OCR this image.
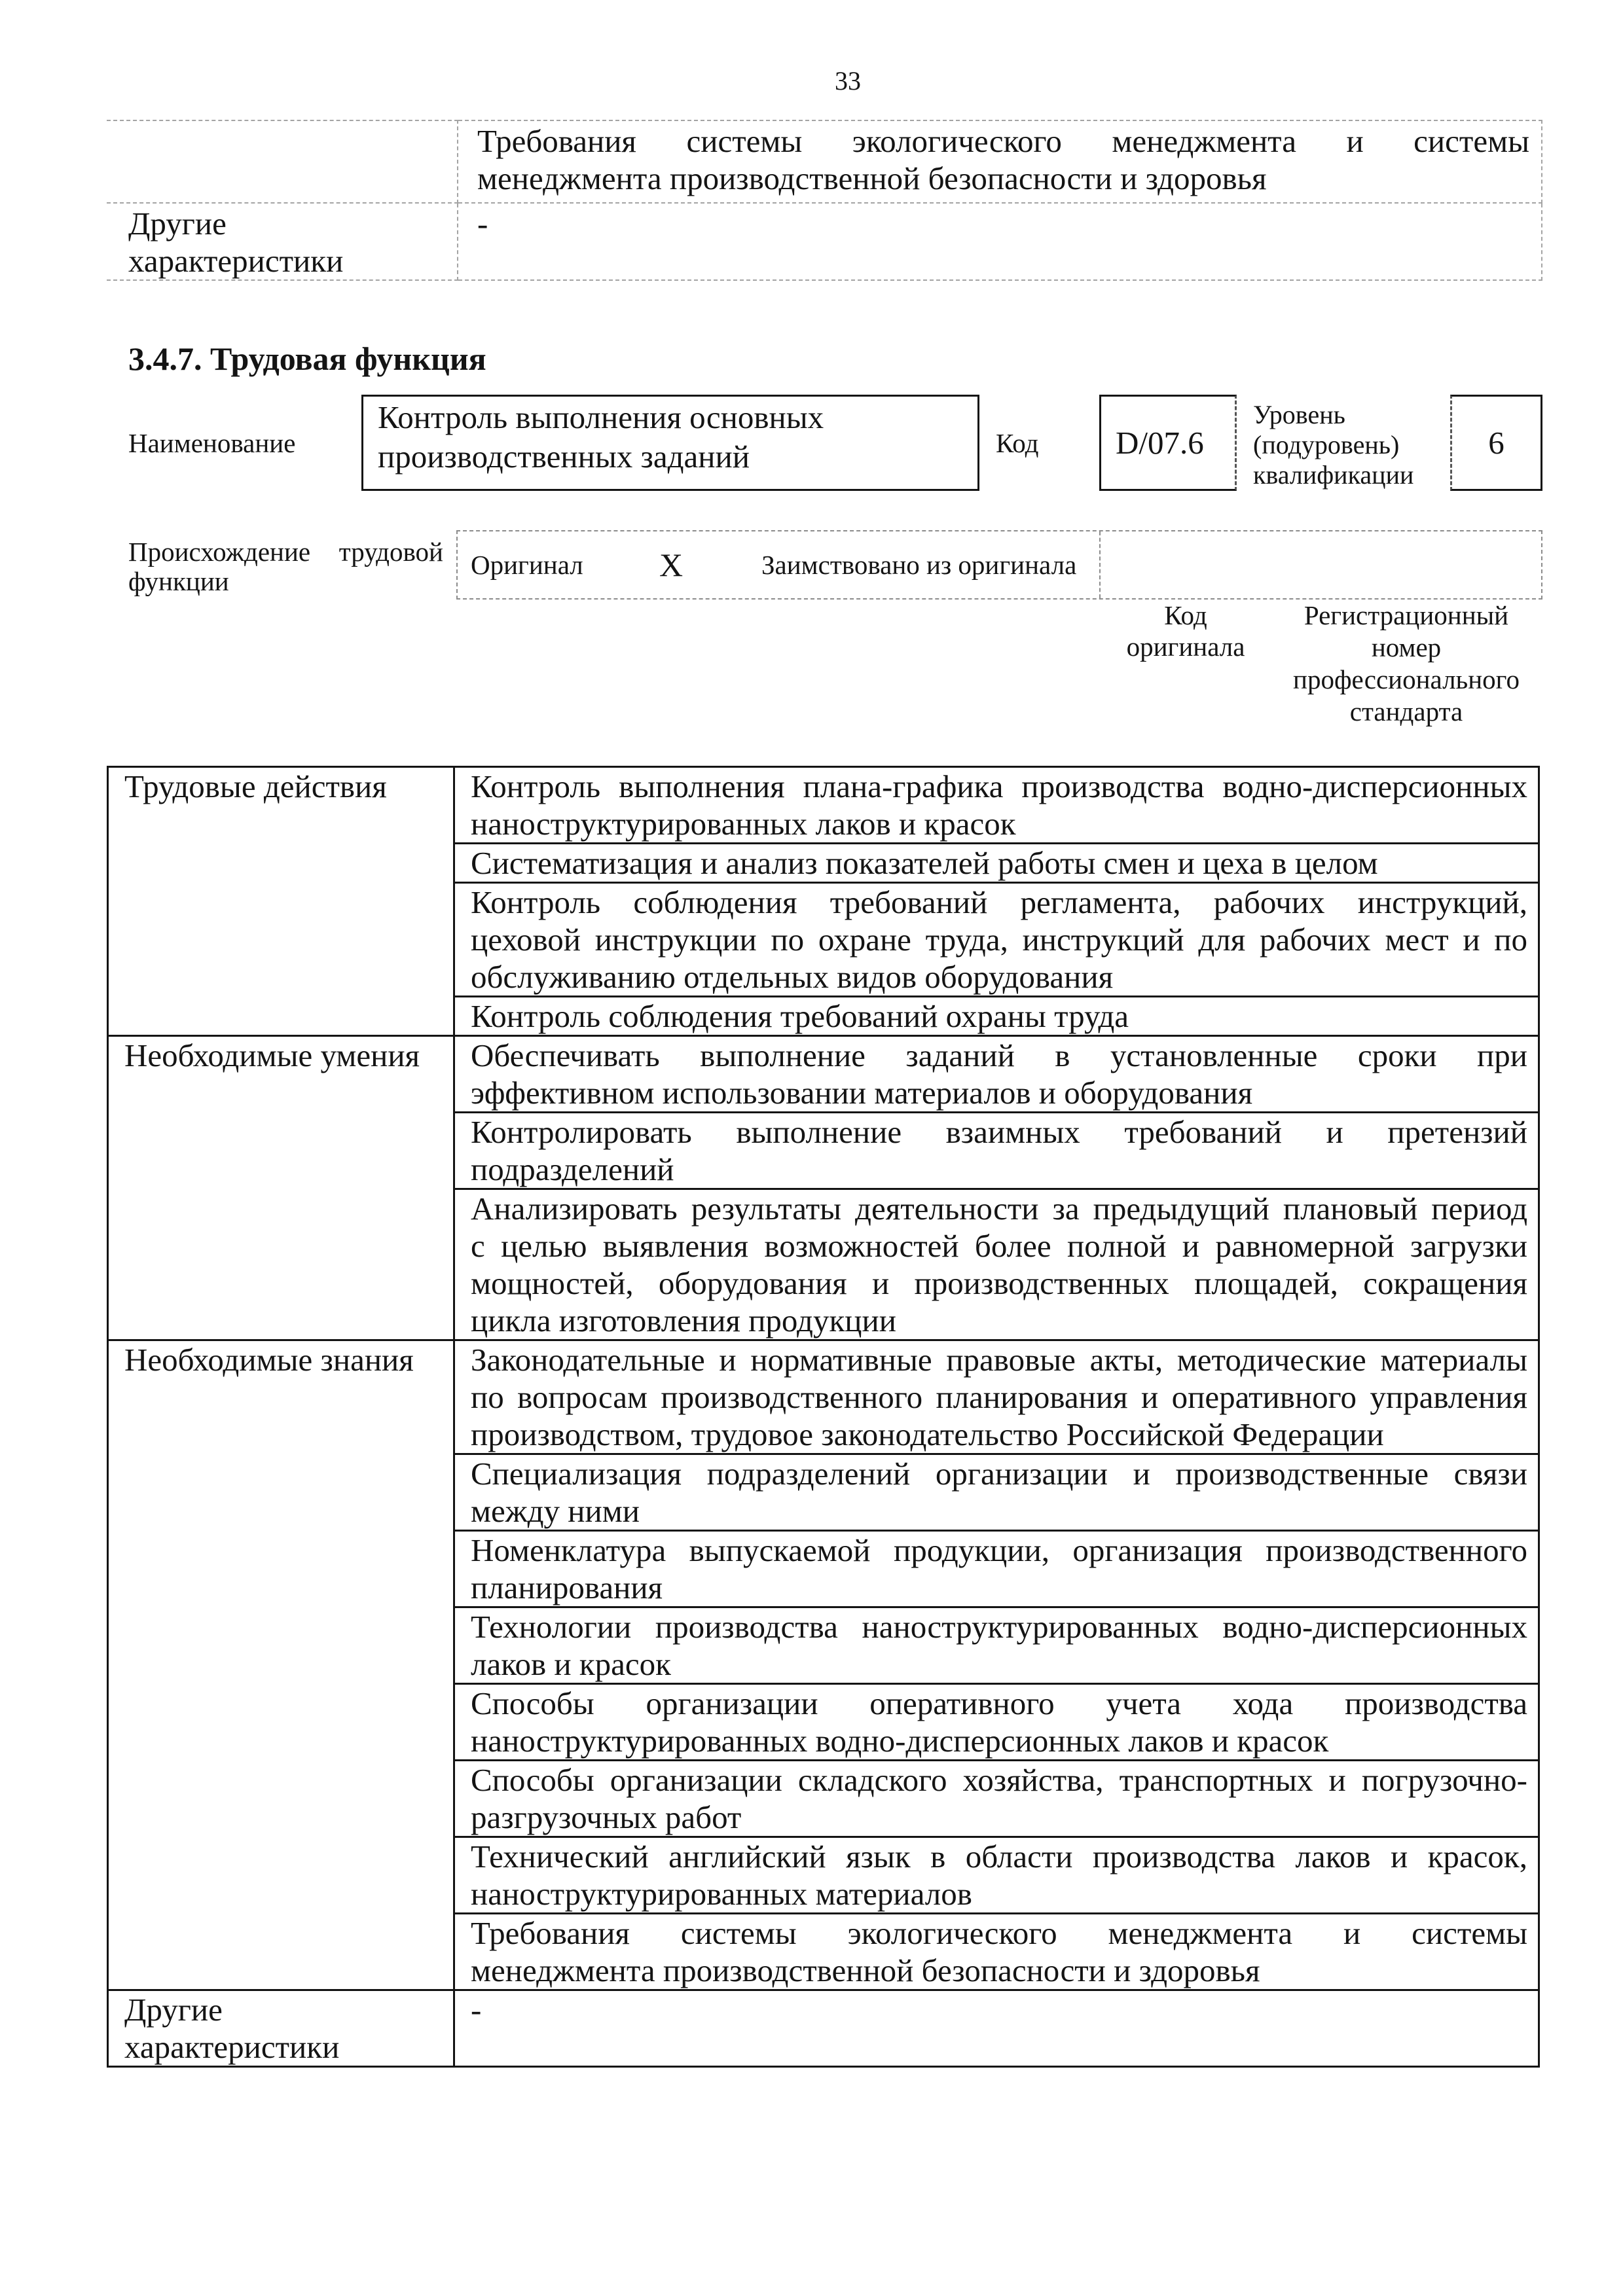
33

	Требования системы экологического менеджмента и системы
менеджмента производственной безопасности и здоровья

Другие
характеристики	-
3.4.7. Трудовая функция
Наименование
Контроль выполнения основных
производственных заданий	Код D/07.6
Уровень
(подуровень)
квалификации
6
Происхождение трудовой
функции
Оригинал X	Заимствовано из оригинала
Код
оригинала
Регистрационный
номер
профессионального
стандарта
Трудовые действия	Контроль выполнения плана-графика производства водно-дисперсионных
наноструктурированных лаков и красок

	Систематизация и анализ показателей работы смен и цеха в целом

	Контроль соблюдения требований регламента, рабочих инструкций,
цеховой инструкции по охране труда, инструкций для рабочих мест и по
обслуживанию отдельных видов оборудования

	Контроль соблюдения требований охраны труда

Необходимые умения	Обеспечивать выполнение заданий в установленные сроки при
эффективном использовании материалов и оборудования

	Контролировать выполнение взаимных требований и претензий
подразделений

	Анализировать результаты деятельности за предыдущий плановый период
с целью выявления возможностей более полной и равномерной загрузки
мощностей, оборудования и производственных площадей, сокращения
цикла изготовления продукции

Необходимые знания	Законодательные и нормативные правовые акты, методические материалы
по вопросам производственного планирования и оперативного управления
производством, трудовое законодательство Российской Федерации

	Специализация подразделений организации и производственные связи
между ними

	Номенклатура выпускаемой продукции, организация производственного
планирования

	Технологии производства наноструктурированных водно-дисперсионных
лаков и красок

	Способы организации оперативного учета хода производства
наноструктурированных водно-дисперсионных лаков и красок

	Способы организации складского хозяйства, транспортных и погрузочно-
разгрузочных работ

	Технический английский язык в области производства лаков и красок,
наноструктурированных материалов

	Требования системы экологического менеджмента и системы
менеджмента производственной безопасности и здоровья

Другие
характеристики	-
